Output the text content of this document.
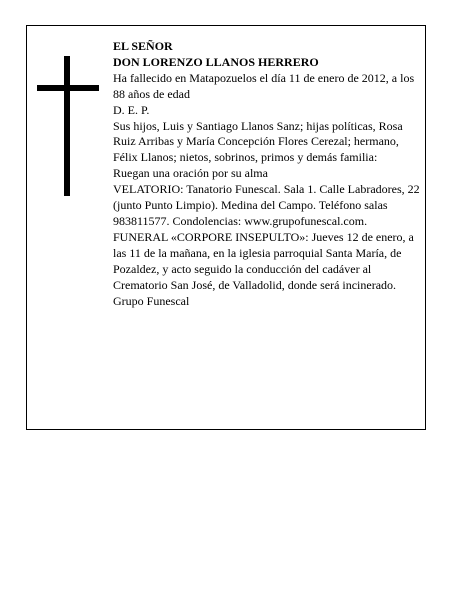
EL SEÑOR

DON LORENZO LLANOS HERRERO

Ha fallecido en Matapozuelos el día 11 de enero de 2012, a los 88 años de edad

D. E. P.

Sus hijos, Luis y Santiago Llanos Sanz; hijas políticas, Rosa Ruiz Arribas y María Concepción Flores Cerezal; hermano, Félix Llanos; nietos, sobrinos, primos y demás familia:

Ruegan una oración por su alma

VELATORIO: Tanatorio Funescal. Sala 1. Calle Labradores, 22 (junto Punto Limpio). Medina del Campo. Teléfono salas 983811577. Condolencias: www.grupofunescal.com.

FUNERAL «CORPORE INSEPULTO»: Jueves 12 de enero, a las 11 de la mañana, en la iglesia parroquial Santa María, de Pozaldez, y acto seguido la conducción del cadáver al Crematorio San José, de Valladolid, donde será incinerado.

Grupo Funescal
